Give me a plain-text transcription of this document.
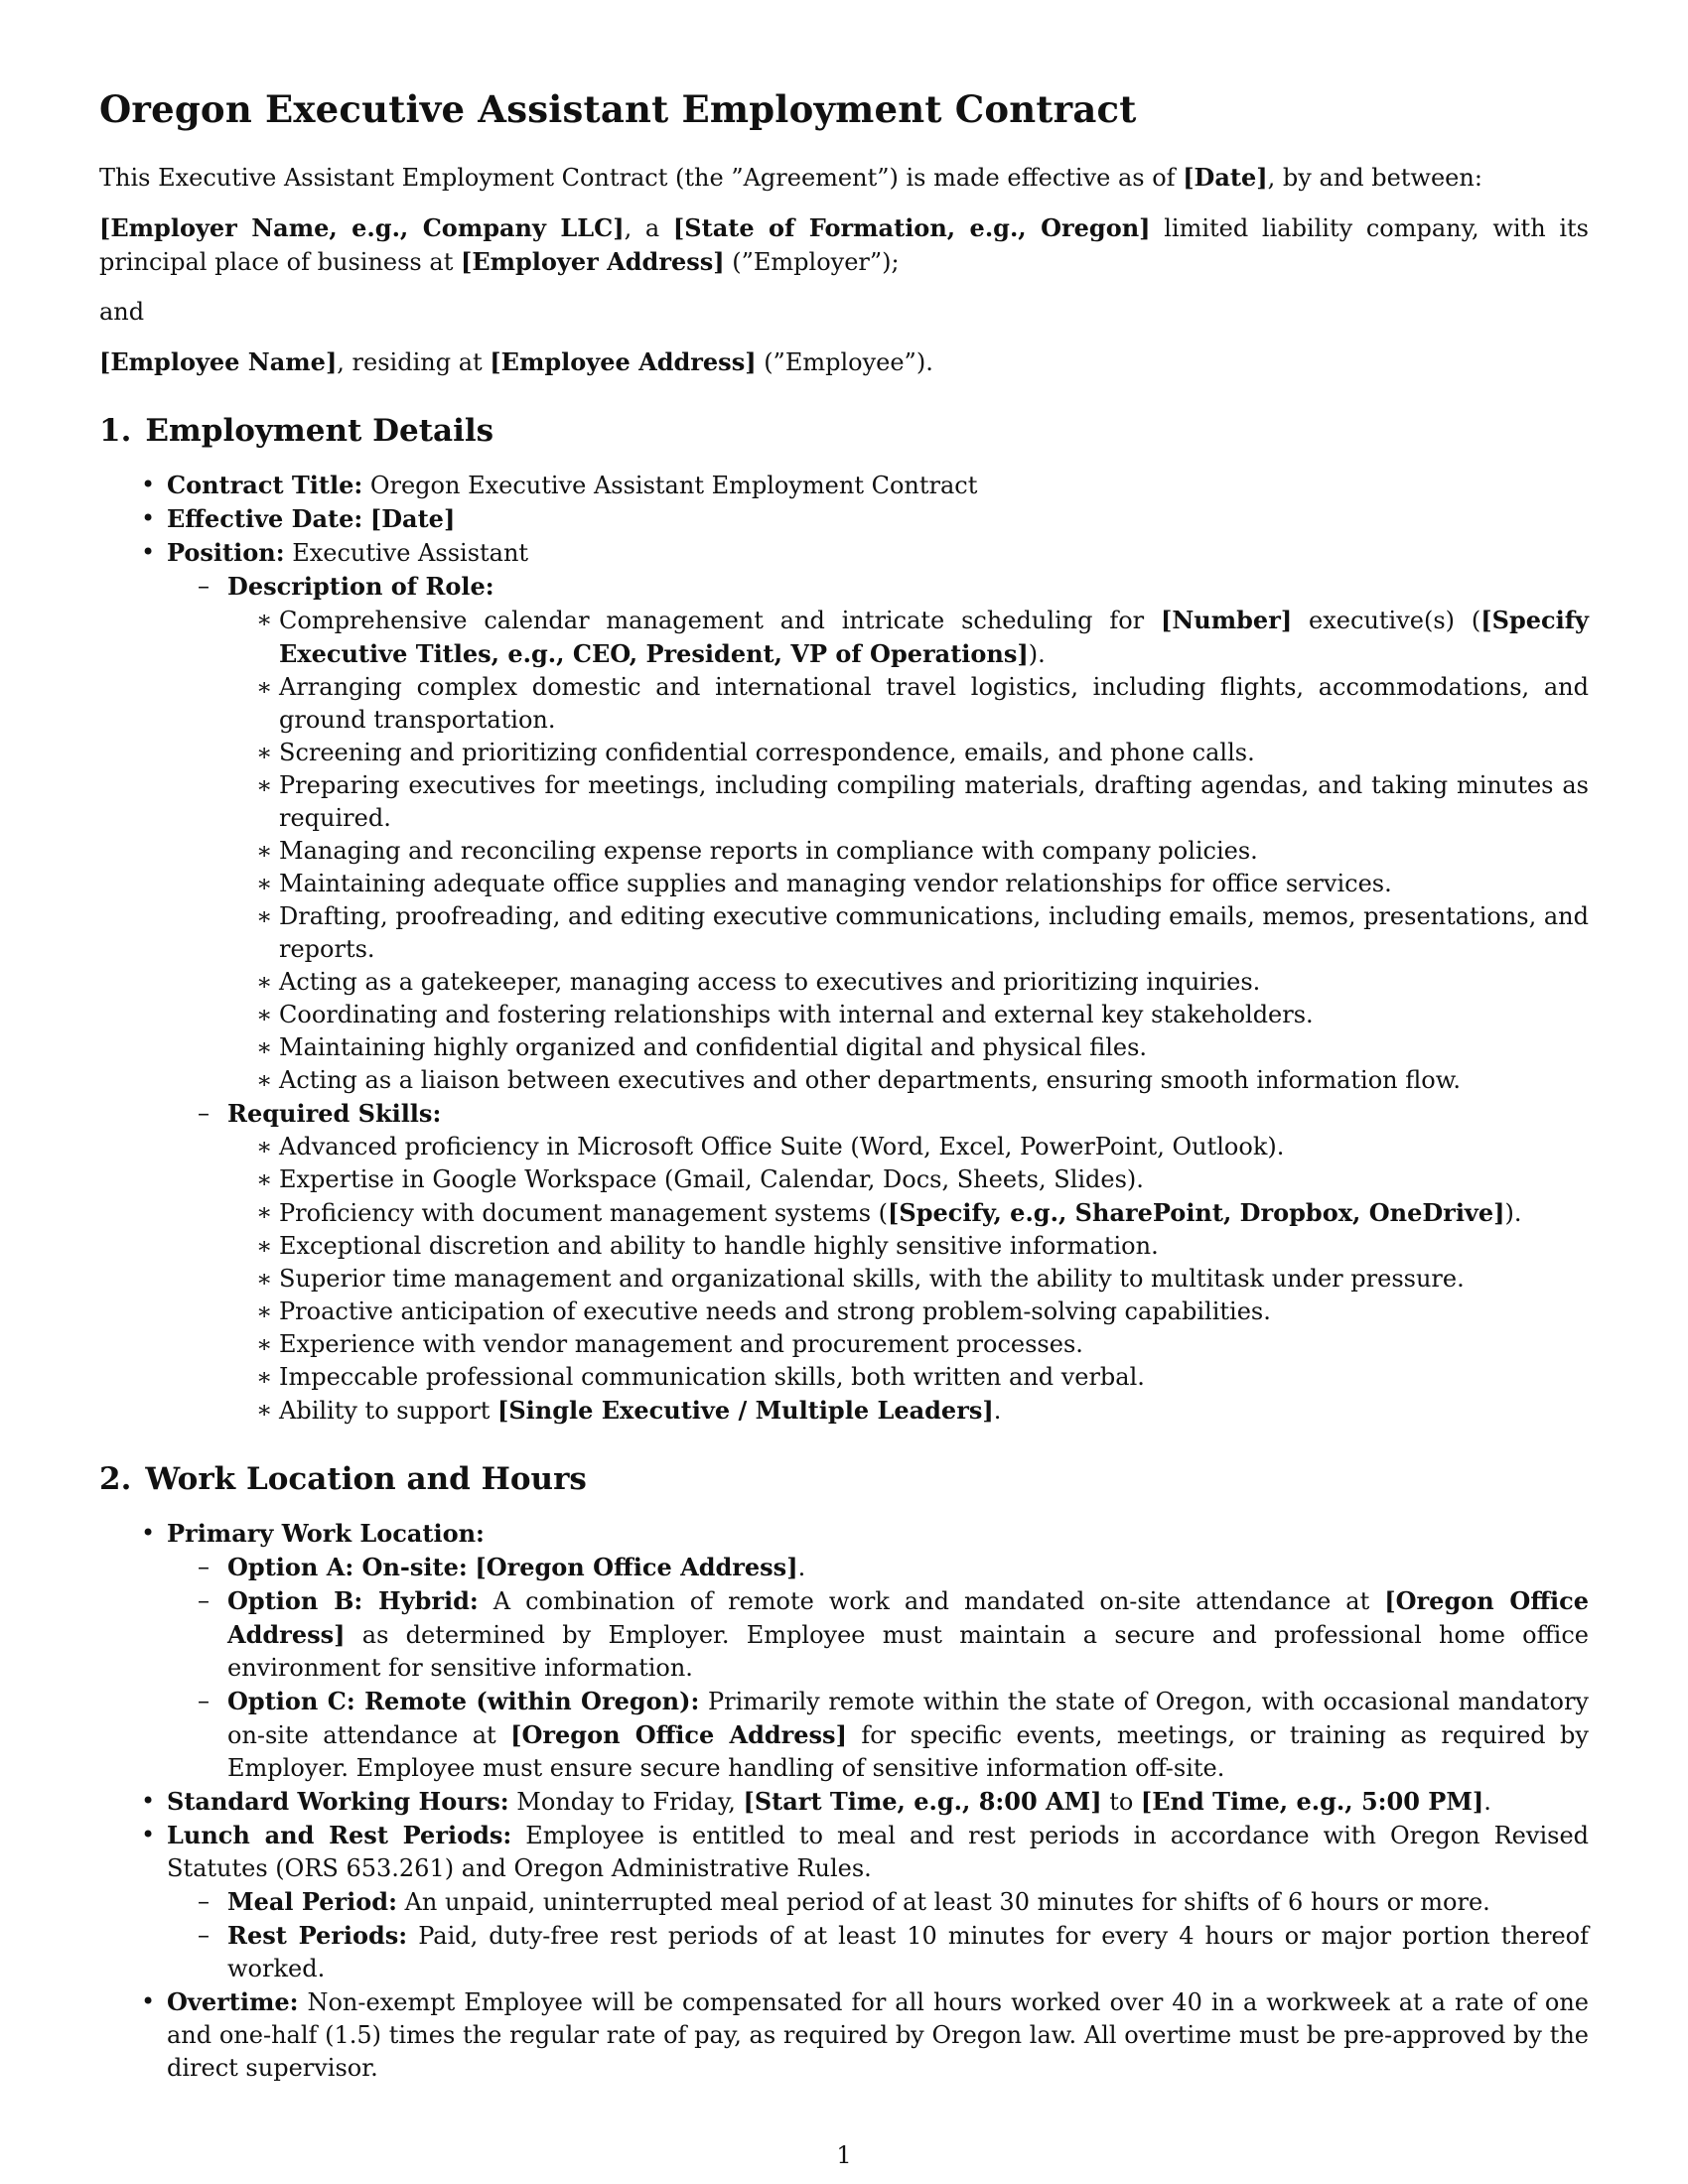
Oregon Executive Assistant Employment Contract

This Executive Assistant Employment Contract (the ”Agreement”) is made effective as of [Date], by and between:

[Employer Name, e.g., Company LLC], a [State of Formation, e.g., Oregon] limited liability company, with its principal place of business at [Employer Address] (”Employer”);

and

[Employee Name], residing at [Employee Address] (”Employee”).

1. Employment Details
• Contract Title: Oregon Executive Assistant Employment Contract
• Effective Date: [Date]
• Position: Executive Assistant
– Description of Role:
∗ Comprehensive calendar management and intricate scheduling for [Number] executive(s) ([Specify Executive Titles, e.g., CEO, President, VP of Operations]).
∗ Arranging complex domestic and international travel logistics, including flights, accommodations, and ground transportation.
∗ Screening and prioritizing confidential correspondence, emails, and phone calls.
∗ Preparing executives for meetings, including compiling materials, drafting agendas, and taking minutes as required.
∗ Managing and reconciling expense reports in compliance with company policies.
∗ Maintaining adequate office supplies and managing vendor relationships for office services.
∗ Drafting, proofreading, and editing executive communications, including emails, memos, presentations, and reports.
∗ Acting as a gatekeeper, managing access to executives and prioritizing inquiries.
∗ Coordinating and fostering relationships with internal and external key stakeholders.
∗ Maintaining highly organized and confidential digital and physical files.
∗ Acting as a liaison between executives and other departments, ensuring smooth information flow.
– Required Skills:
∗ Advanced proficiency in Microsoft Office Suite (Word, Excel, PowerPoint, Outlook).
∗ Expertise in Google Workspace (Gmail, Calendar, Docs, Sheets, Slides).
∗ Proficiency with document management systems ([Specify, e.g., SharePoint, Dropbox, OneDrive]).
∗ Exceptional discretion and ability to handle highly sensitive information.
∗ Superior time management and organizational skills, with the ability to multitask under pressure.
∗ Proactive anticipation of executive needs and strong problem-solving capabilities.
∗ Experience with vendor management and procurement processes.
∗ Impeccable professional communication skills, both written and verbal.
∗ Ability to support [Single Executive / Multiple Leaders].
2. Work Location and Hours
• Primary Work Location:
– Option A: On-site: [Oregon Office Address].
– Option B: Hybrid: A combination of remote work and mandated on-site attendance at [Oregon Office Address] as determined by Employer. Employee must maintain a secure and professional home office environment for sensitive information.
– Option C: Remote (within Oregon): Primarily remote within the state of Oregon, with occasional mandatory on-site attendance at [Oregon Office Address] for specific events, meetings, or training as required by Employer. Employee must ensure secure handling of sensitive information off-site.
• Standard Working Hours: Monday to Friday, [Start Time, e.g., 8:00 AM] to [End Time, e.g., 5:00 PM].
• Lunch and Rest Periods: Employee is entitled to meal and rest periods in accordance with Oregon Revised Statutes (ORS 653.261) and Oregon Administrative Rules.
– Meal Period: An unpaid, uninterrupted meal period of at least 30 minutes for shifts of 6 hours or more.
– Rest Periods: Paid, duty-free rest periods of at least 10 minutes for every 4 hours or major portion thereof worked.
• Overtime: Non-exempt Employee will be compensated for all hours worked over 40 in a workweek at a rate of one and one-half (1.5) times the regular rate of pay, as required by Oregon law. All overtime must be pre-approved by the direct supervisor.
1
